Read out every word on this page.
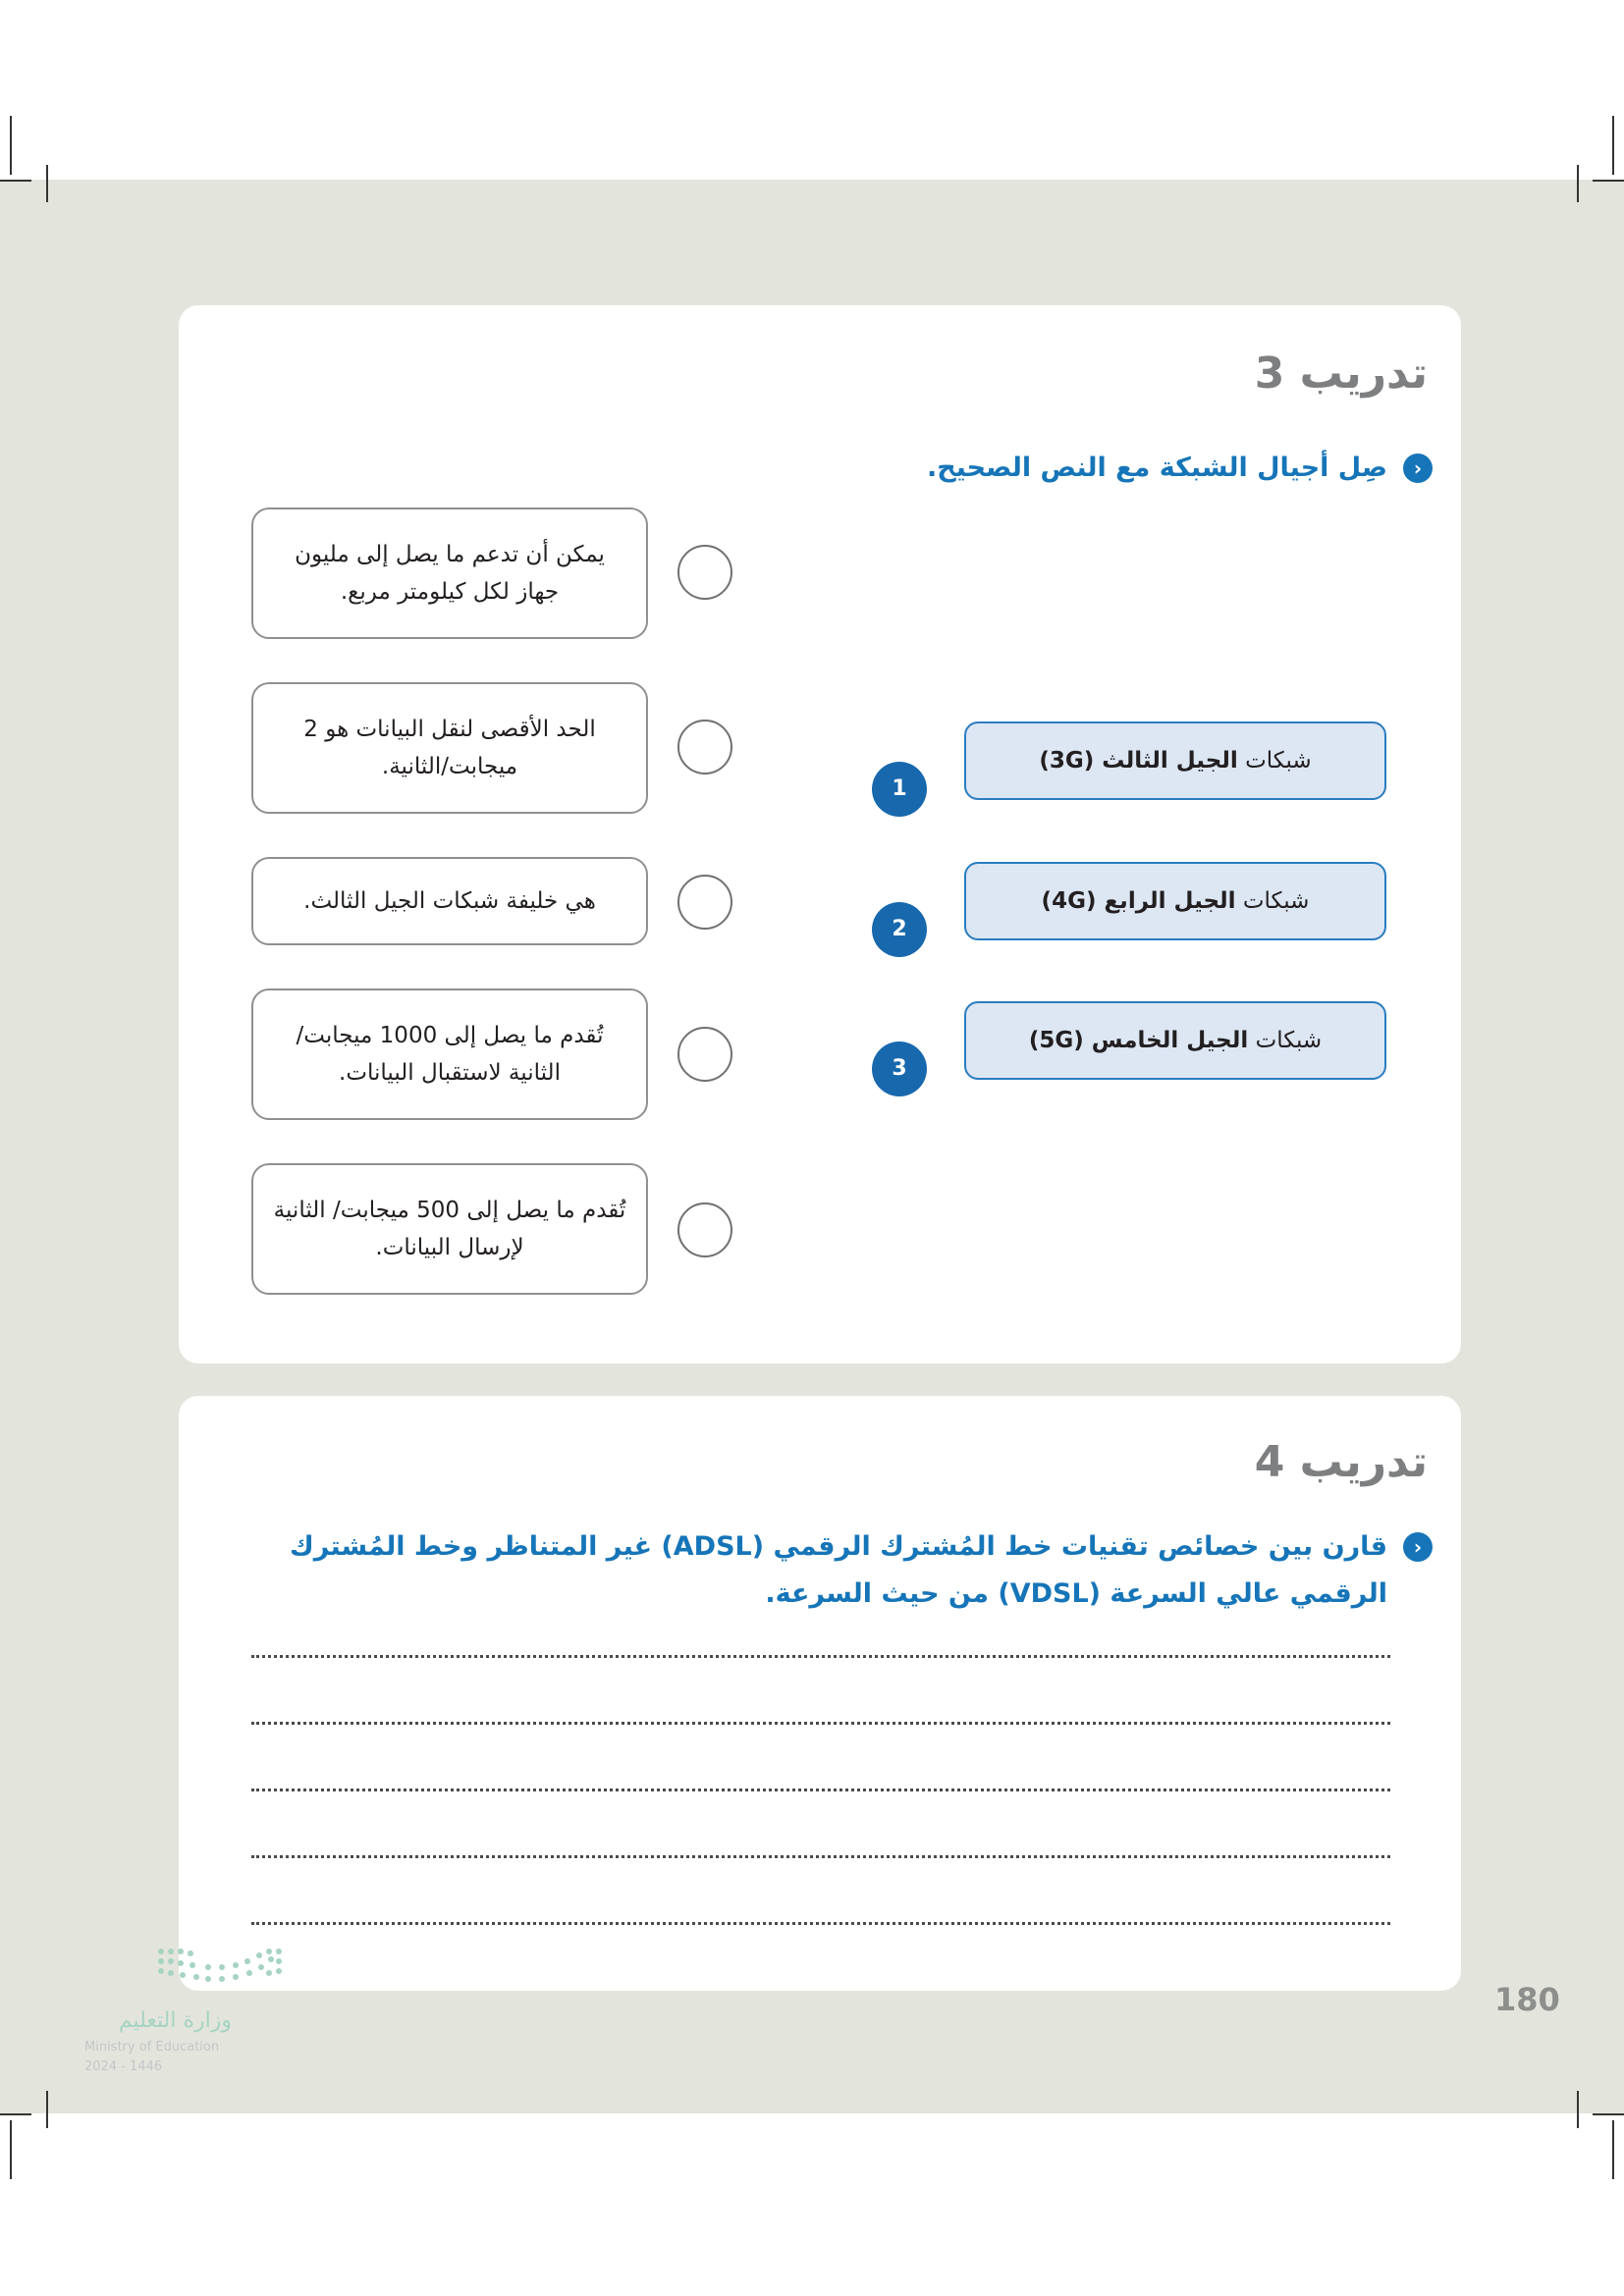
تدريب 3
‹
صِل أجيال الشبكة مع النص الصحيح.
يمكن أن تدعم ما يصل إلى مليون جهاز لكل كيلومتر مربع.
الحد الأقصى لنقل البيانات هو 2 ميجابت/الثانية.
هي خليفة شبكات الجيل الثالث.
تُقدم ما يصل إلى 1000 ميجابت/ الثانية لاستقبال البيانات.
تُقدم ما يصل إلى 500 ميجابت/ الثانية لإرسال البيانات.
1
شبكات الجيل الثالث (3G)
2
شبكات الجيل الرابع (4G)
3
شبكات الجيل الخامس (5G)
تدريب 4
‹
قارن بين خصائص تقنيات خط المُشترك الرقمي (ADSL) غير المتناظر وخط المُشترك الرقمي عالي السرعة (VDSL) من حيث السرعة.
180
وزارة التعليم
Ministry of Education
2024 - 1446
